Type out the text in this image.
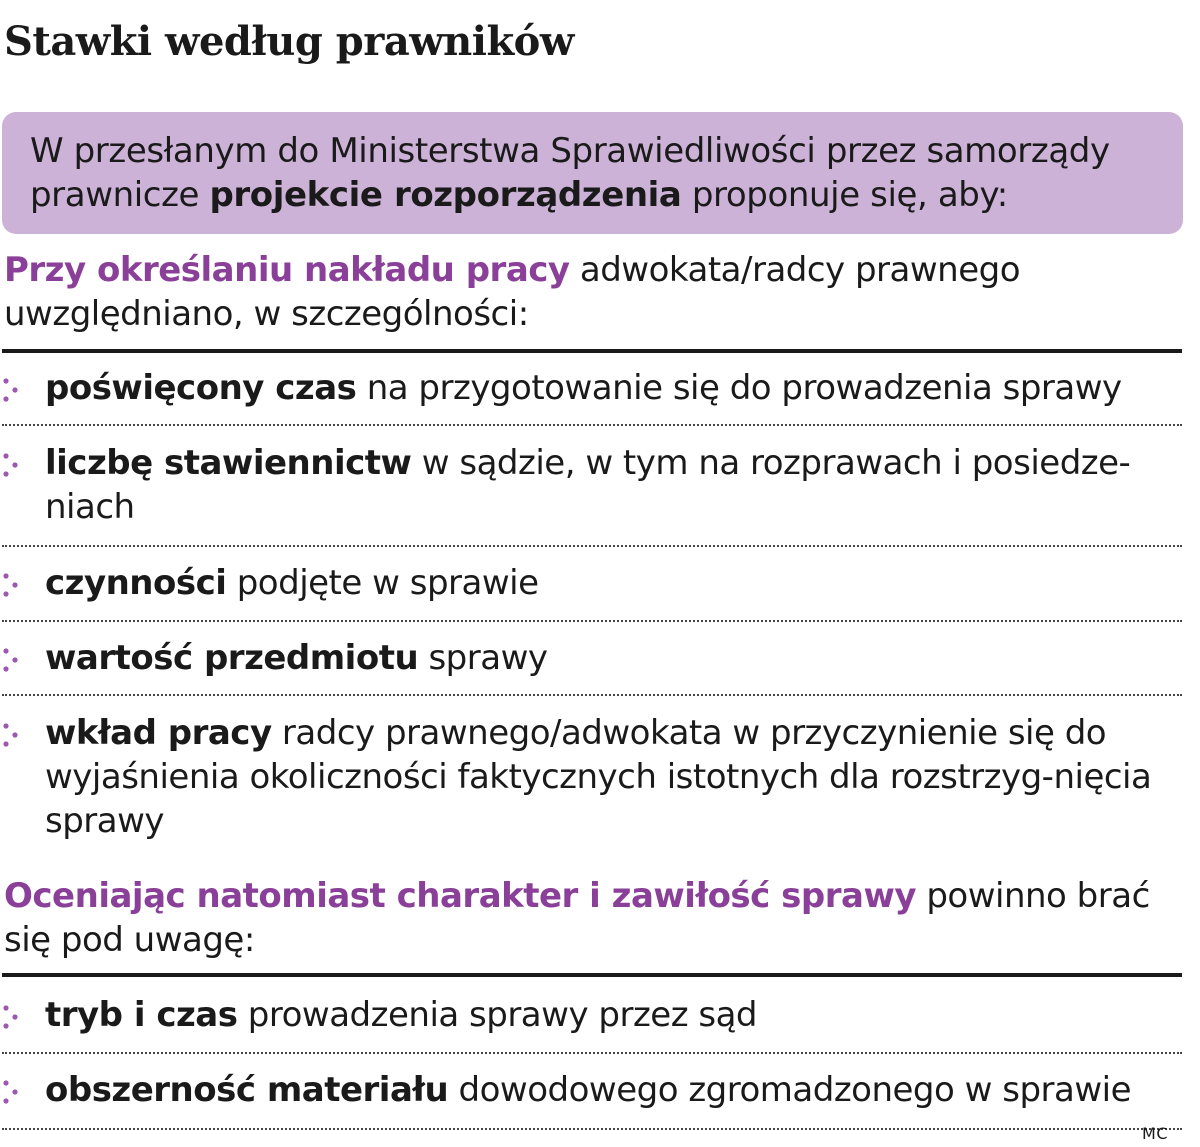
Stawki według prawników
W przesłanym do Ministerstwa Sprawiedliwości przez samorządy prawnicze projekcie rozporządzenia proponuje się, aby:

Przy określaniu nakładu pracy adwokata/radcy prawnego uwzględniano, w szczególności:

poświęcony czas na przygotowanie się do prowadzenia sprawy
liczbę stawiennictw w sądzie, w tym na rozprawach i posiedze-niach
czynności podjęte w sprawie
wartość przedmiotu sprawy
wkład pracy radcy prawnego/adwokata w przyczynienie się do wyjaśnienia okoliczności faktycznych istotnych dla rozstrzyg-nięcia sprawy

Oceniając natomiast charakter i zawiłość sprawy powinno brać się pod uwagę:

tryb i czas prowadzenia sprawy przez sąd
obszerność materiału dowodowego zgromadzonego w sprawie
MC
